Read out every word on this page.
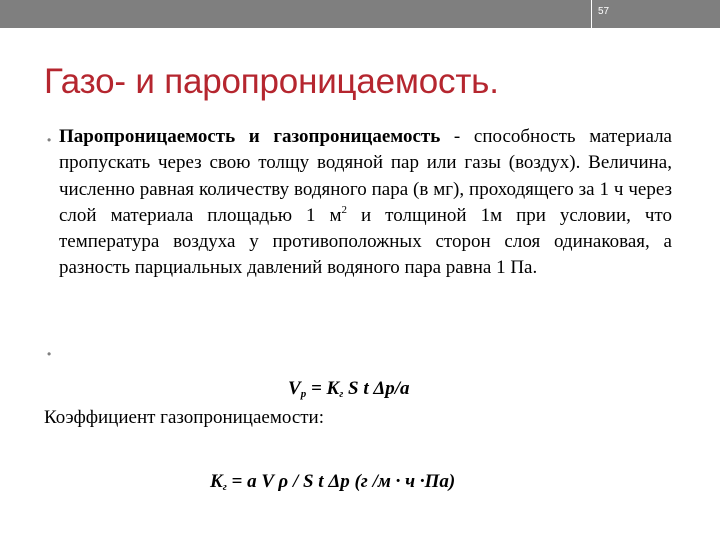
57
Газо- и паропроницаемость.
• Паропроницаемость и газопроницаемость - способность материала пропускать через свою толщу водяной пар или газы (воздух). Величина, численно равная количеству водяного пара (в мг), проходящего за 1 ч через слой материала площадью 1 $м^2$ и толщиной 1м при условии, что температура воздуха у противоположных сторон слоя одинаковая, а разность парциальных давлений водяного пара равна 1 Па.
•
$V_р = K_г$ S t Δp/a
Коэффициент газопроницаемости:
$K_г = a$ V ρ / S t Δp (г /м · ч ·Па)
